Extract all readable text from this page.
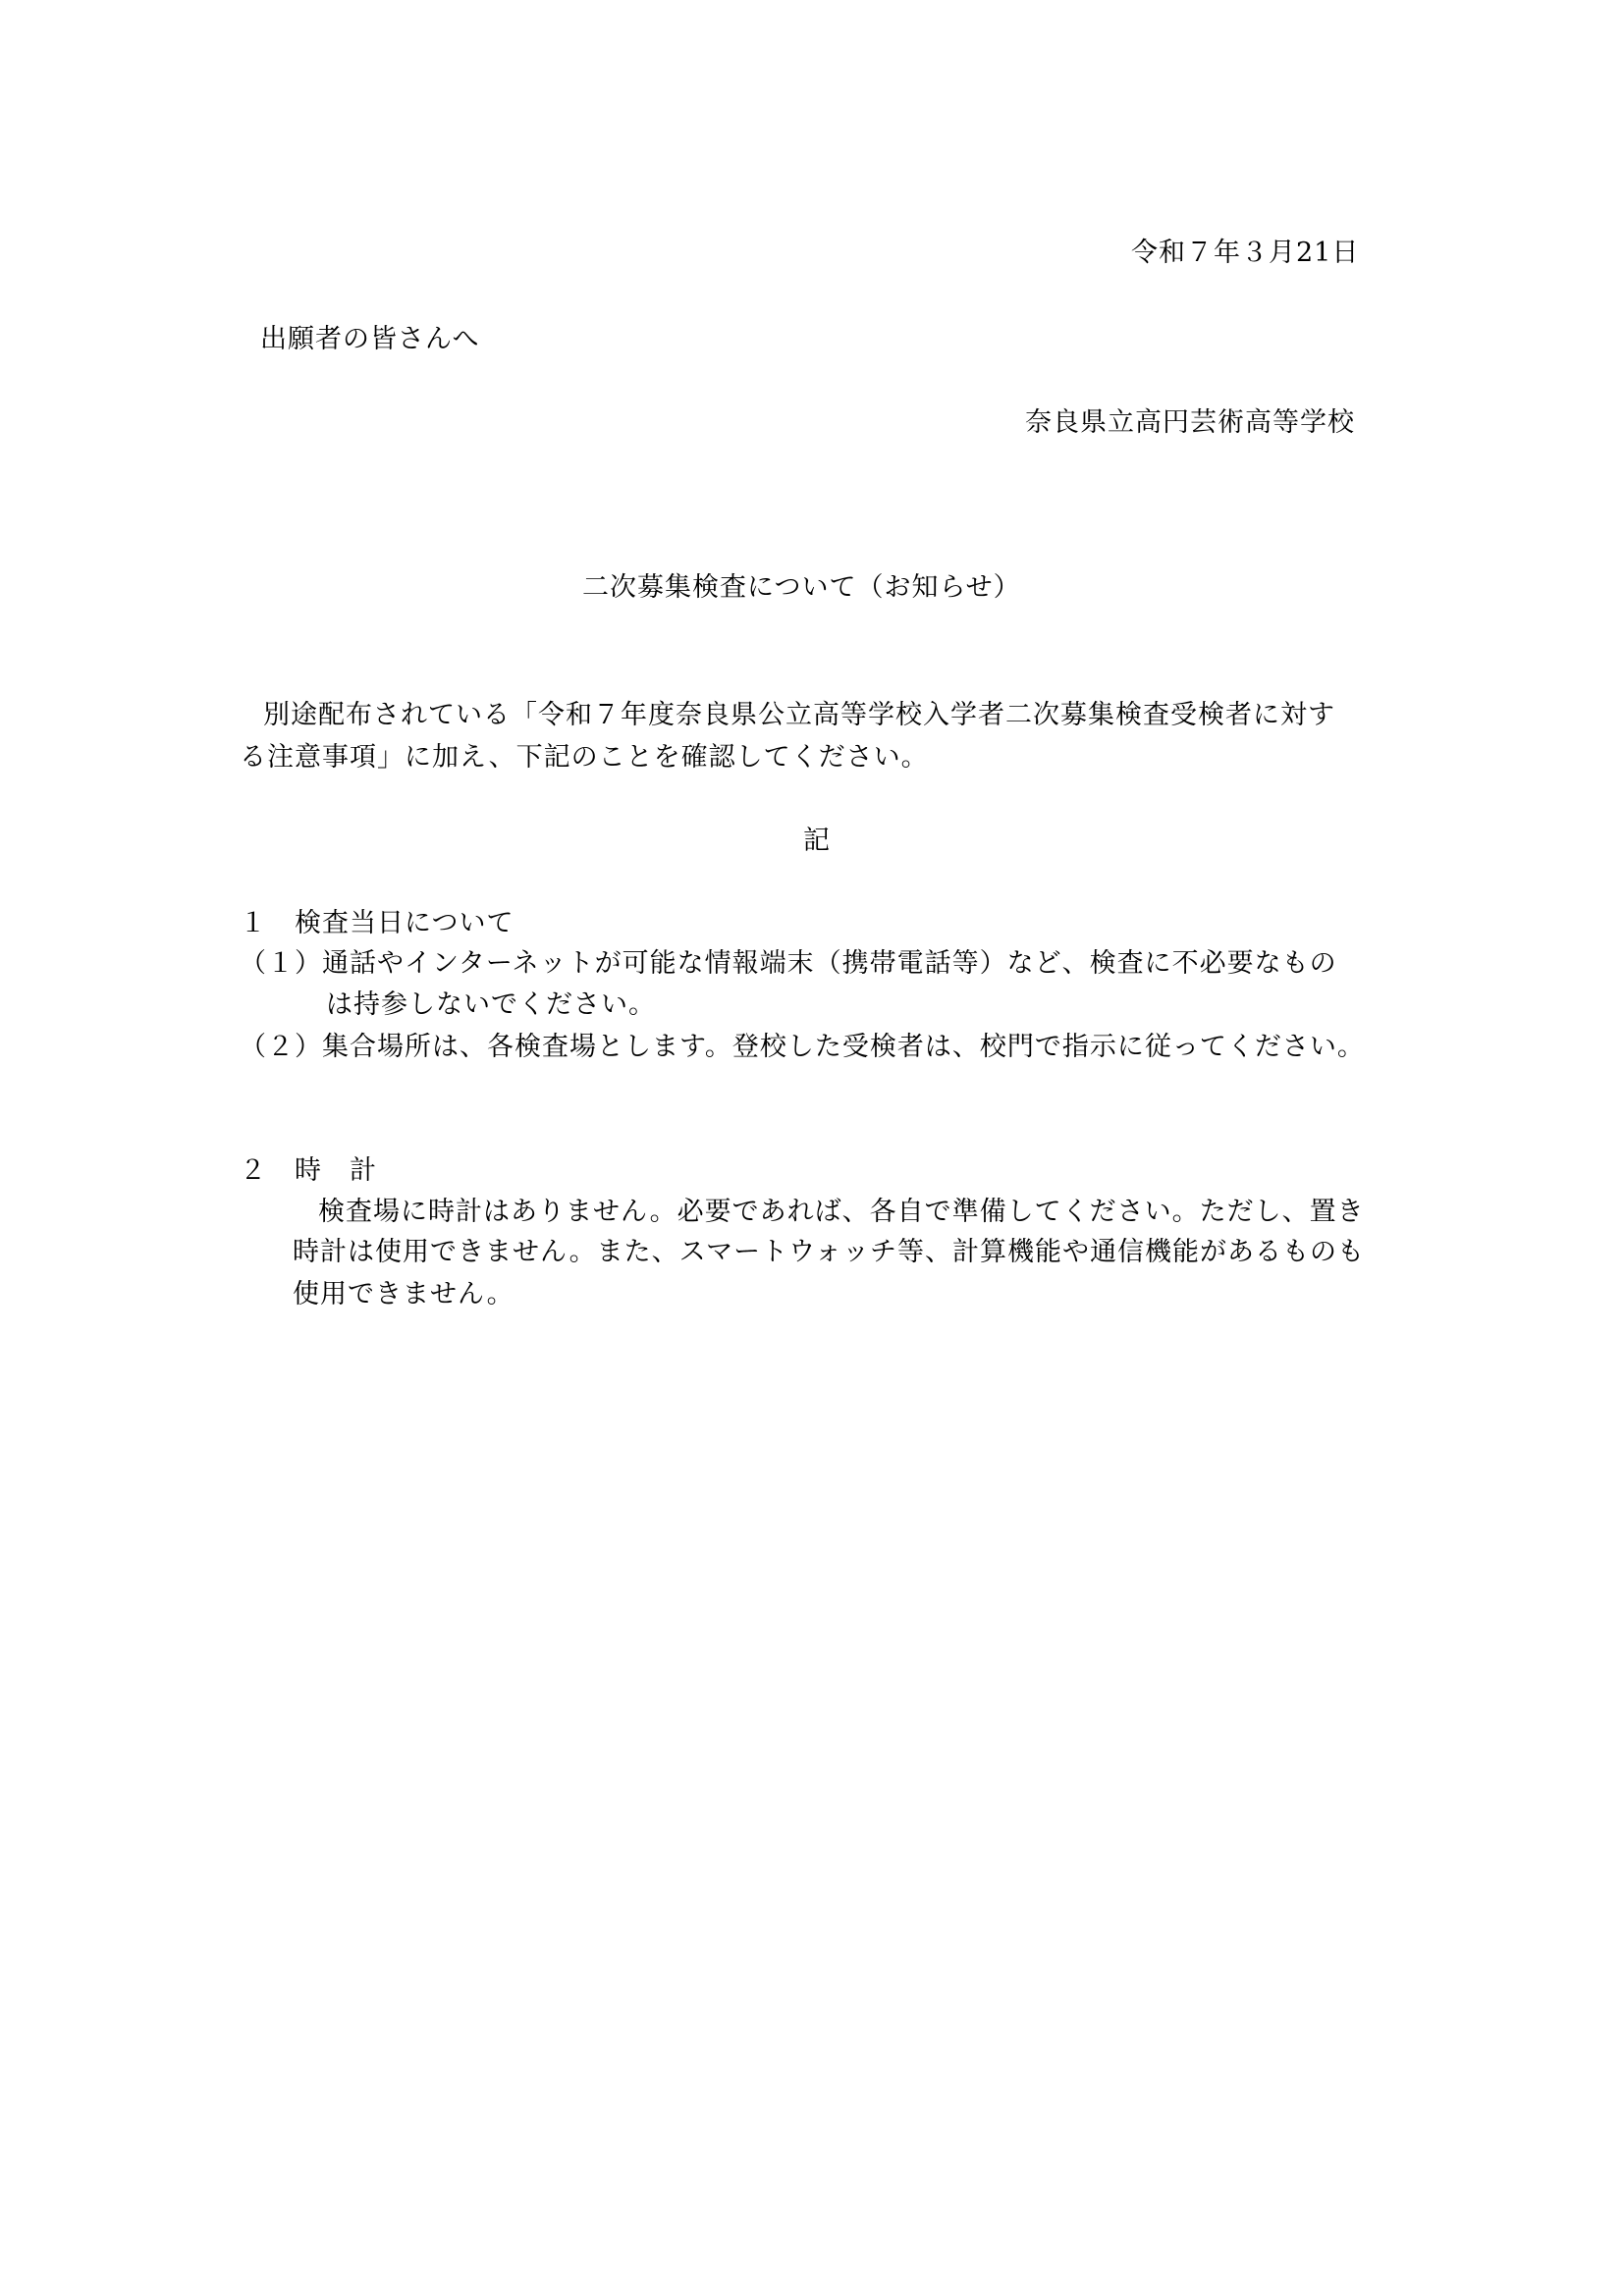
令和７年３月21日
出願者の皆さんへ
奈良県立高円芸術高等学校
二次募集検査について（お知らせ）
別途配布されている「令和７年度奈良県公立高等学校入学者二次募集検査受検者に対す
る注意事項」に加え、下記のことを確認してください。
記
１　検査当日について
（１）通話やインターネットが可能な情報端末（携帯電話等）など、検査に不必要なもの
は持参しないでください。
（２）集合場所は、各検査場とします。登校した受検者は、校門で指示に従ってください。
２　時　計
検査場に時計はありません。必要であれば、各自で準備してください。ただし、置き
時計は使用できません。また、スマートウォッチ等、計算機能や通信機能があるものも
使用できません。
